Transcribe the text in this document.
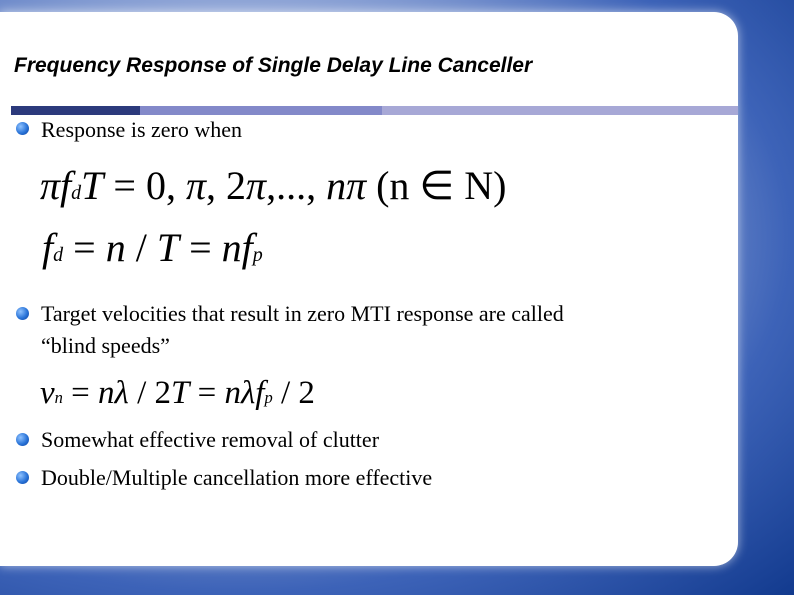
Frequency Response of Single Delay Line Canceller
Response is zero when
πfdT = 0, π, 2π,..., nπ (n ∈ N)
fd = n / T = nfp
Target velocities that result in zero MTI response are called
“blind speeds”
vn = nλ / 2T = nλfp / 2
Somewhat effective removal of clutter
Double/Multiple cancellation more effective
